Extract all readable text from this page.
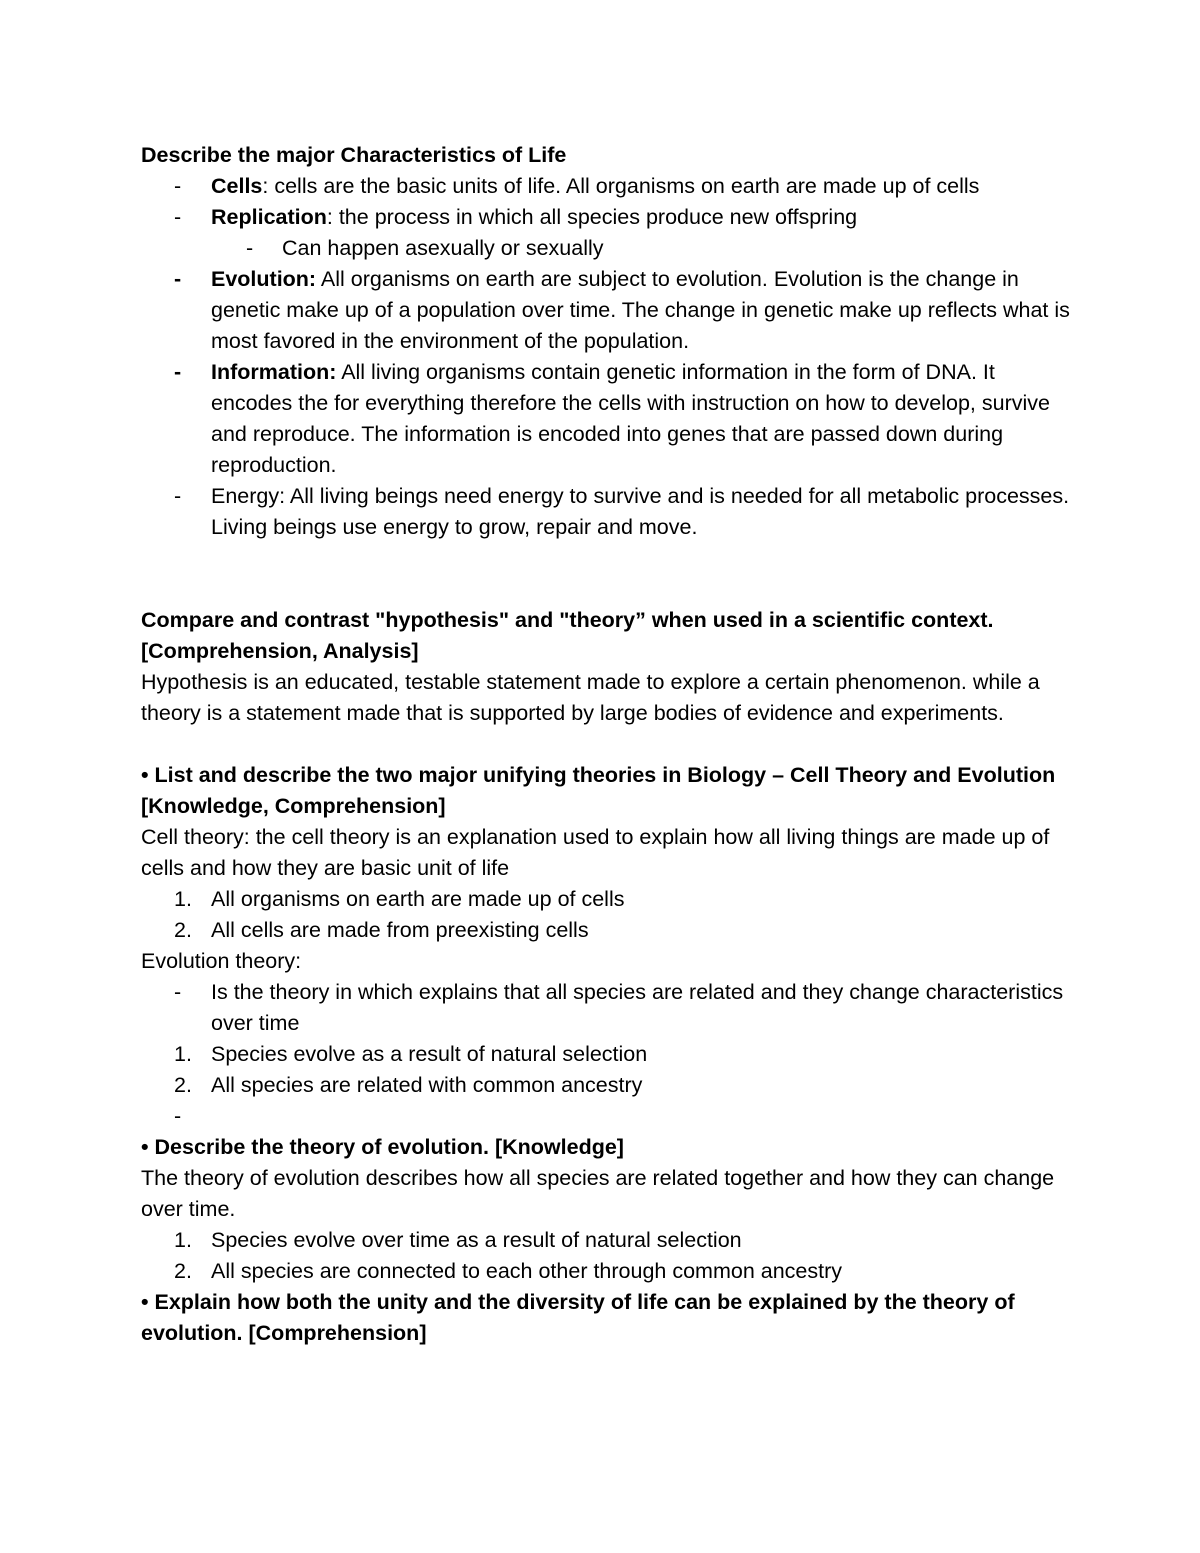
Describe the major Characteristics of Life

- Cells: cells are the basic units of life. All organisms on earth are made up of cells
- Replication: the process in which all species produce new offspring
- Can happen asexually or sexually
- Evolution: All organisms on earth are subject to evolution. Evolution is the change in genetic make up of a population over time. The change in genetic make up reflects what is most favored in the environment of the population.
- Information: All living organisms contain genetic information in the form of DNA. It encodes the for everything therefore the cells with instruction on how to develop, survive and reproduce. The information is encoded into genes that are passed down during reproduction.
- Energy: All living beings need energy to survive and is needed for all metabolic processes. Living beings use energy to grow, repair and move.

Compare and contrast "hypothesis" and "theory” when used in a scientific context. [Comprehension, Analysis]

Hypothesis is an educated, testable statement made to explore a certain phenomenon. while a theory is a statement made that is supported by large bodies of evidence and experiments.

• List and describe the two major unifying theories in Biology – Cell Theory and Evolution [Knowledge, Comprehension]

Cell theory: the cell theory is an explanation used to explain how all living things are made up of cells and how they are basic unit of life

1. All organisms on earth are made up of cells
2. All cells are made from preexisting cells

Evolution theory:

- Is the theory in which explains that all species are related and they change characteristics over time
1. Species evolve as a result of natural selection
2. All species are related with common ancestry
-

• Describe the theory of evolution. [Knowledge]

The theory of evolution describes how all species are related together and how they can change over time.

1. Species evolve over time as a result of natural selection
2. All species are connected to each other through common ancestry

• Explain how both the unity and the diversity of life can be explained by the theory of evolution. [Comprehension]
